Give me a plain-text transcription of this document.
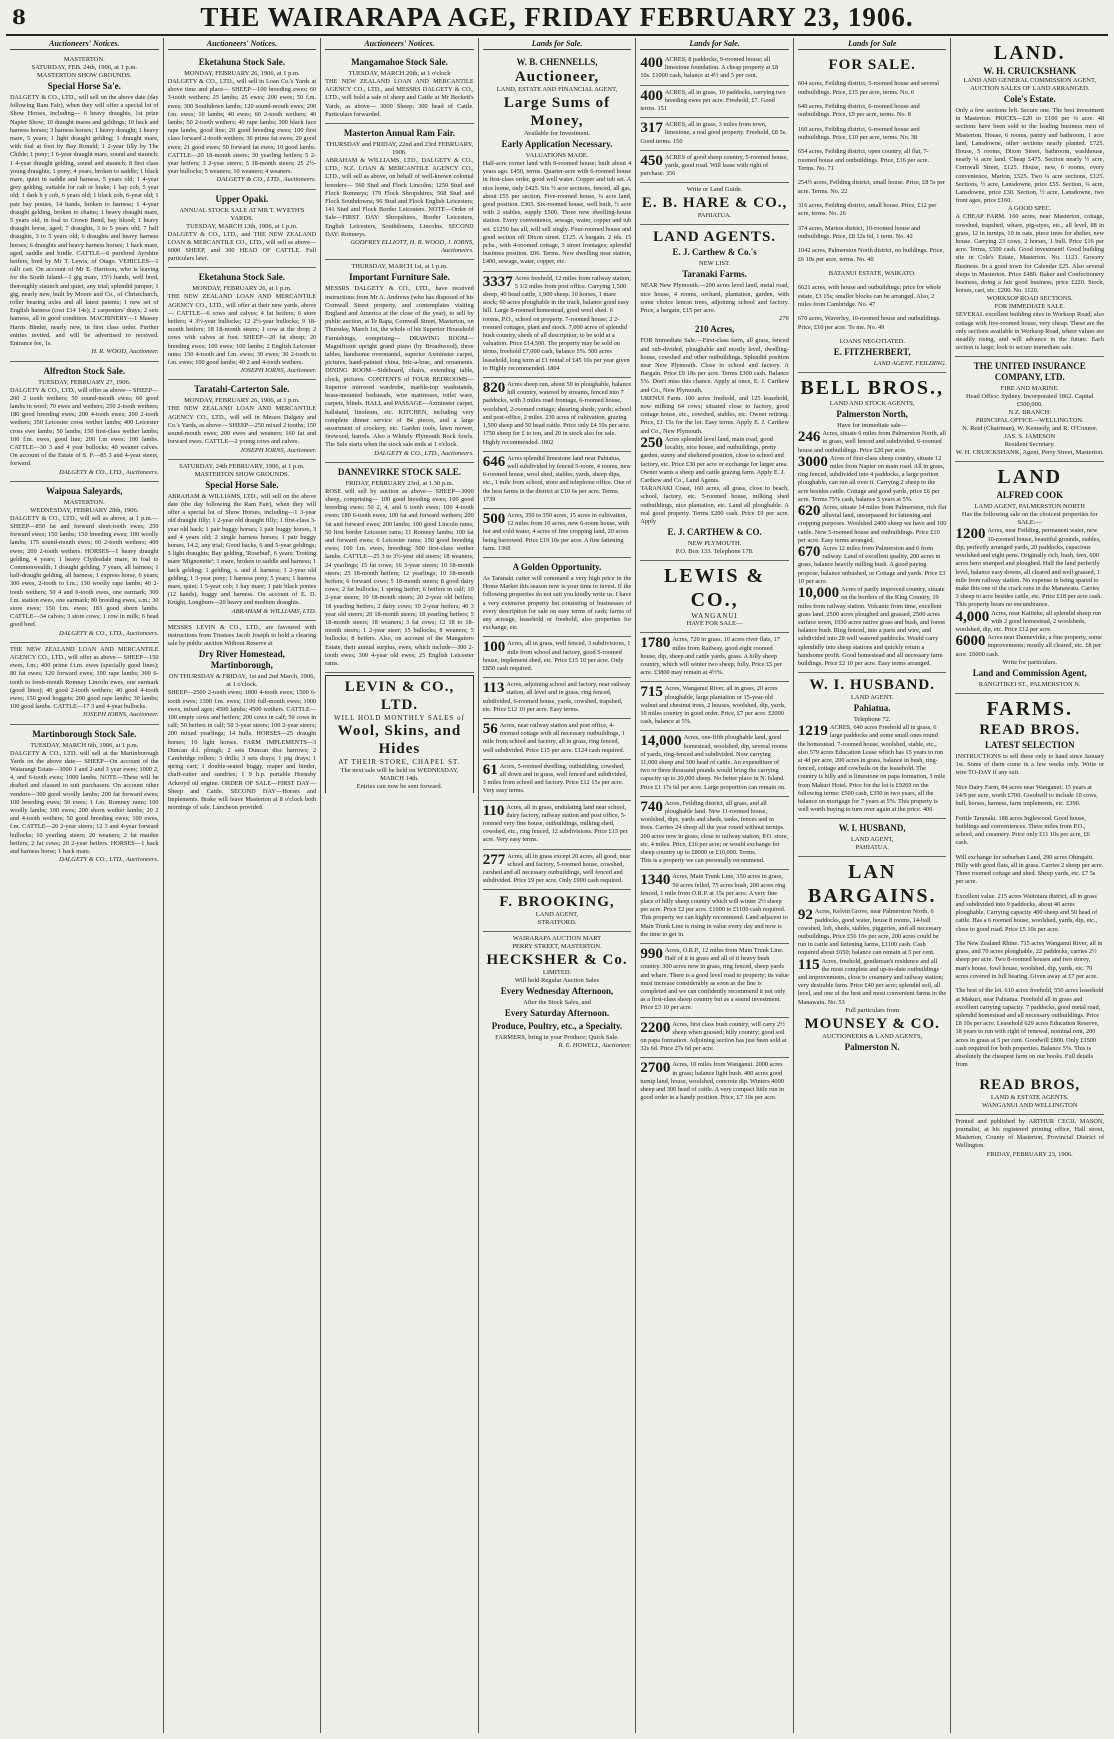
8	THE WAIRARAPA AGE, FRIDAY FEBRUARY 23, 1906.
Auctioneers' Notices.
MASTERTON.
SATURDAY, FEB. 24th, 1906, at 1 p.m.
MASTERTON SHOW GROUNDS.
Special Horse Sa'e.
DALGETY & CO., LTD., will sell on the above date (day following Ram Fair), when they will offer a special lot of Show Horses, including— 6 heavy draughts, 1st prize Napier Show; 10 draught mares and geldings; 10 hack and harness horses; 3 harness horses; 1 heavy draught; 1 heavy mare, 5 years; 1 light draught gelding; 1 draught mare, with foal at foot by Bay Ronald; 1 2-year filly by The Childe; 1 pony; 1 6-year draught mare, sound and staunch; 1 4-year draught gelding, sound and staunch; 8 first class young draughts; 1 pony; 4 years, broken to saddle; 1 black mare, quiet in saddle and harness, 5 years old; 1 4-year grey gelding, suitable for cab or brake; 1 bay cob, 5 year old; 1 dark b y cob, 6 years old; 1 black cob, 6-year old; 1 pair bay ponies, 14 hands, broken to harness; 1 4-year draught gelding, broken to chains; 1 heavy draught mare, 5 years old, in foal to Crown Bend, bay blood; 1 heavy draught horse, aged; 7 draughts, 3 to 5 years old; 7 half draughts, 3 to 5 years old; 6 draughts and heavy harness horses; 6 draughts and heavy harness horses; 1 hack mare, aged, saddle and bridle. CATTLE—6 purebred Ayrshire heifers, bred by Mr T. Lewis, of Otago. VEHICLES—1 ralli cart. On account of Mr E. Harrison, who is leaving for the South Island—1 gig mare, 15½ hands, well bred, thoroughly staunch and quiet, any trial; splendid jumper; 1 gig, nearly new, built by Moore and Co., of Christchurch, roller bearing axles and all latest patents; 1 new set of English harness (cost £14 14s); 2 carpenters' drays; 2 sets harness, all in good condition. MACHINERY—1 Massey Harris Binder, nearly new, in first class order. Further entries invited, and will be advertised to received. Entrance fee, 1s.
H. R. WOOD, Auctioneer.
Alfredton Stock Sale.
TUESDAY, FEBRUARY 27, 1906.
DALGETY & CO., LTD., will offer as above— SHEEP—200 2 tooth wethers; 50 sound-mouth ewes; 60 good lambs in wool; 70 ewes and wethers; 250 2-tooth wethers; 180 good breeding ewes; 200 4-tooth ewes; 200 2-tooth wethers; 350 Leicester cross wether lambs; 400 Leicester cross ewe lambs; 50 lambs; 150 first-class wether lambs; 100 f.m. ewes, good line; 200 f.m ewes; 100 lambs. CATTLE—30 3 and 4 year bullocks; 40 weaner calves. On account of the Estate of S. P.—85 3 and 4-year steers, forward.
DALGETY & CO., LTD., Auctioneers.
Waipoua Saleyards,
MASTERTON.
WEDNESDAY, FEBRUARY 28th, 1906.
DALGETY & CO., LTD., will sell as above, at 1 p.m.— SHEEP—850 fat and forward short-tooth ewes; 250 forward ewes; 150 lambs; 150 breeding ewes; 100 woolly lambs; 175 sound-mouth ewes; 60 2-tooth wethers; 400 ewes; 200 2-tooth wethers. HORSES—1 heavy draught gelding, 4 years; 1 heavy Clydesdale mare, in foal to Commonwealth; 1 draught gelding, 7 years, all harness; 1 half-draught gelding, all harness; 1 express horse, 6 years; 300 ewes, 2-tooth to f.m.; 130 woolly rape lambs; 40 2-tooth wethers; 50 4 and 6-tooth ewes, one earmark; 300 f.m. station ewes, one earmark; 80 breeding ewes, s.m.; 30 store ewes; 150 f.m. ewes; 183 good shorn lambs. CATTLE—34 calves; 3 store cows; 1 cow in milk; 6 head good beef.
DALGETY & CO., LTD., Auctioneers.
THE NEW ZEALAND LOAN AND MERCANTILE AGENCY CO., LTD., will offer as above— SHEEP—150 ewes, f.m.; 400 prime f.t.m. ewes (specially good lines); 80 fat ewes; 120 forward ewes; 100 rape lambs; 300 6-tooth to fresh-mouth Romney Lincoln ewes, one earmark (good lines); 40 good 2-tooth wethers; 40 good 4-tooth ewes; 150 good hoggets; 200 good rape lambs; 30 lambs; 100 good lambs. CATTLE—17 3 and 4-year bullocks.
JOSEPH IORNS, Auctioneer.
Martinborough Stock Sale.
TUESDAY, MARCH 6th, 1906, at 1 p.m.
DALGETY & CO., LTD. will sell at the Martinborough Yards on the above date— SHEEP—On account of the Waiarangi Estate—3000 1 and 2-and 3 year ewes; 1000 2, 4, and 6-tooth ewes; 1000 lambs. NOTE—These will be drafted and classed to suit purchasers. On account other vendors—300 good woolly lambs; 200 fat forward ewes; 100 breeding ewes; 50 ewes; 1 f.m. Romney rams; 100 woolly lambs; 100 ewes; 200 shorn wether lambs; 20 2 and 4-tooth wethers; 50 good breeding ewes; 100 ewes, f.m. CATTLE—20 2-year steers; 12 3 and 4-year forward bullocks; 10 yearling steers; 20 weaners; 2 fat maiden heifers; 2 fat cows; 20 2-year heifers. HORSES—1 hack and harness horse; 1 hack mare.
DALGETY & CO., LTD., Auctioneers.
Auctioneers' Notices.
Eketahuna Stock Sale.
MONDAY, FEBRUARY 26, 1906, at 1 p.m.
DALGETY & CO., LTD., will sell in Loan Co.'s Yards at above time and place— SHEEP—100 breeding ewes; 60 3-tooth wethers; 25 lambs; 25 ewes; 200 ewes; 50 f.m. ewes; 300 Southdown lambs; 120 sound-mouth ewes; 200 f.m. ewes; 10 lambs; 40 ewes; 60 2-tooth wethers; 40 lambs; 50 2-tooth wethers; 40 rape lambs; 300 black face rape lambs, good line; 20 good breeding ewes; 100 first class forward 2-tooth wethers; 30 prime fat ewes; 20 good ewes; 21 good ewes; 50 forward fat ewes; 10 good lambs. CATTLE—20 18-month steers; 30 yearling heifers; 5 2-year heifers; 3 2-year steers; 5 18-month steers; 25 2½-year bullocks; 5 weaners; 10 weaners; 4 weaners.
DALGETY & CO., LTD., Auctioneers.
Upper Opaki.
ANNUAL STOCK SALE AT MR T. WYETH'S YARDS.
TUESDAY, MARCH 13th, 1906, at 1 p.m.
DALGETY & CO., LTD., and THE NEW ZEALAND LOAN & MERCANTILE CO., LTD., will sell as above— 6000 SHEEP, and 300 HEAD OF CATTLE. Full particulars later.
Eketahuna Stock Sale.
MONDAY, FEBRUARY 26, at 1 p.m.
THE NEW ZEALAND LOAN AND MERCANTILE AGENCY CO., LTD., will offer at their new yards, above— CATTLE—6 cows and calves; 4 fat heifers; 6 store heifers; 4 3½-year bullocks; 12 2½-year bullocks; 9 18-month heifers; 18 18-month steers; 1 cow at the drop; 2 cows with calves at foot. SHEEP—20 fat sheep; 20 breeding ewes; 100 ewes; 100 lambs; 2 English Leicester rams; 150 4-tooth and f.m. ewes; 30 ewes; 30 2-tooth to f.m. ewes; 100 good lambs; 40 2 and 4-tooth wethers.
JOSEPH IORNS, Auctioneer.
Taratahi-Carterton Sale.
MONDAY, FEBRUARY 26, 1906, at 1 p.m.
THE NEW ZEALAND LOAN AND MERCANTILE AGENCY CO., LTD., will sell in Messrs Dalgety and Co.'s Yards, as above— SHEEP—250 mixed 2 tooths; 150 sound-mouth ewes; 200 ewes and weaners; 160 fat and forward ewes. CATTLE—2 young cows and calves.
JOSEPH IORNS, Auctioneer.
SATURDAY, 24th FEBRUARY, 1906, at 1 p.m.
MASTERTON SHOW GROUNDS.
Special Horse Sale.
ABRAHAM & WILLIAMS, LTD., will sell on the above date (the day following the Ram Fair), when they will offer a special lot of Show Horses, including—1 3-year old draught filly; 1 2-year old draught filly; 1 first-class 3-year old hack; 1 pair buggy horses; 1 pair buggy horses, 3 and 4 years old; 2 single harness horses; 1 pair buggy horses, 14.2, any trial; Good hacks, 6 and 5-year geldings; 5 light draughts; Bay gelding, 'Rosebud', 6 years; Trotting mare 'Mignonette'; 1 mare, broken to saddle and harness; 1 hack gelding; 1 gelding, s. and d. harness; 1 2-year old gelding; 1 3-year pony; 1 harness pony, 5 years; 1 harness mare, quiet; 1 5-year cob; 1 bay mare; 1 pair black ponies (12 hands), buggy and harness. On account of E. D. Knight, Longburn—20 heavy and medium draughts.
ABRAHAM & WILLIAMS, LTD.
MESSRS LEVIN & CO., LTD., are favoured with instructions from Trustees Jacob Joseph to hold a clearing sale by public auction Without Reserve at
Dry River Homestead, Martinborough,
ON THURSDAY & FRIDAY, 1st and 2nd March, 1906, at 1 o'clock.
SHEEP—2500 2-tooth ewes; 1800 4-tooth ewes; 1500 6-tooth ewes; 1300 f.m. ewes; 1100 full-mouth ewes; 1000 ewes, mixed ages; 4500 lambs; 4500 wethers. CATTLE—100 empty cows and heifers; 200 cows in calf; 50 cows in calf; 50 heifers in calf; 50 3-year steers; 100 2-year steers; 200 mixed yearlings; 14 bulls. HORSES—25 draught horses; 10 light horses. FARM IMPLEMENTS—3 Duncan d.f. plough; 2 sets Duncan disc harrows; 2 Cambridge rollers; 3 drills; 3 sets drays; 1 pig drays; 1 spring cart; 1 double-seated buggy, reaper and binder, chaff-cutter and sundries; 1 9 h.p. portable Hornsby Ackroyd oil engine. ORDER OF SALE—FIRST DAY—Sheep and Cattle. SECOND DAY—Horses and Implements. Brake will leave Masterton at 8 o'clock both mornings of sale. Luncheon provided.
Auctioneers' Notices.
Mangamahoe Stock Sale.
TUESDAY, MARCH 20th, at 1 o'clock
THE NEW ZEALAND LOAN AND MERCANTILE AGENCY CO., LTD., and MESSRS DALGETY & CO., LTD., will hold a sale of sheep and Cattle at Mr Beckett's Yards, as above— 3000 Sheep; 300 head of Cattle. Particulars forwarded.
Masterton Annual Ram Fair.
THURSDAY and FRIDAY, 22nd and 23rd FEBRUARY, 1906.
ABRAHAM & WILLIAMS, LTD., DALGETY & CO., LTD., N.Z. LOAN & MERCANTILE AGENCY CO., LTD., will sell as above, on behalf of well-known colonial breeders— 560 Stud and Flock Lincolns; 1250 Stud and Flock Romneys; 179 Flock Shropshires; 568 Stud and Flock Southdowns; 96 Stud and Flock English Leicesters; 141 Stud and Flock Border Leicesters. NOTE—Order of Sale—FIRST DAY: Shropshires, Border Leicesters, English Leicesters, Southdowns, Lincolns. SECOND DAY: Romneys.
GODFREY ELLIOTT, H. R. WOOD, J. IORNS, Auctioneers.
THURSDAY, MARCH 1st, at 1 p.m.
Important Furniture Sale.
MESSRS DALGETY & CO., LTD., have received instructions from Mr A. Andrews (who has disposed of his Cornwall Street property, and contemplates visiting England and America at the close of the year), to sell by public auction, at Te Rapa, Cornwall Street, Masterton, on Thursday, March 1st, the whole of his Superior Household Furnishings, comprising— DRAWING ROOM—Magnificent upright grand piano (by Broadwood), three tables, handsome overmantel, superior Axminster carpet, pictures, hand-painted china, bric-a-brac, and ornaments. DINING ROOM—Sideboard, chairs, extending table, clock, pictures. CONTENTS of FOUR BEDROOMS—Superior mirrored wardrobe, marble-top washstands, brass-mounted bedsteads, wire mattresses, toilet ware, carpets, blinds. HALL and PASSAGE—Axminster carpet, hallstand, linoleum, etc. KITCHEN, including very complete dinner service of 84 pieces, and a large assortment of crockery, etc. Garden tools, lawn mower, firewood, barrels. Also a Whitely Plymouth Rock fowls. The Sale starts when the stock sale ends at 1 o'clock.
DALGETY & CO., LTD., Auctioneers.
DANNEVIRKE STOCK SALE.
FRIDAY, FEBRUARY 23rd, at 1.30 p.m.
ROSE will sell by auction as above— SHEEP—3000 sheep, comprising— 100 good breeding ewes; 100 good breeding ewes; 50 2, 4, and 6 tooth ewes; 100 4-tooth ewes; 180 6-tooth ewes; 100 fat and forward wethers; 200 fat and forward ewes; 200 lambs; 100 good Lincoln rams; 50 first border Leicester rams; 11 Romney lambs; 100 fat and forward ewes; 6 Leicester rams; 150 good breeding ewes; 100 f.m. ewes, breeding; 500 first-class wether lambs. CATTLE—25 3 to 3½-year old steers; 18 weaners; 24 yearlings; 15 fat cows; 16 3-year steers; 10 18-month steers; 25 18-month heifers; 12 yearlings; 10 18-month heifers; 6 forward cows; 5 18-month steers; 8 good dairy cows; 2 fat bullocks; 1 spring heifer; 6 heifers in calf; 10 2-year steers; 10 18-month steers; 20 2-year old heifers; 18 yearling heifers; 2 dairy cows; 10 2-year heifers; 40 3 year old steers; 20 18-month steers; 18 yearling heifers; 5 18-month steers; 18 weaners; 3 fat cows; 12 18 to 18-month steers; 1 2-year steer; 15 bullocks; 8 weaners; 5 bullocks; 8 heifers. Also, on account of the Mangatoro Estate, their annual surplus, ewes, which include—300 2-tooth ewes; 300 4-year old ewes; 25 English Leicester rams.
LEVIN & CO., LTD.
WILL HOLD MONTHLY SALES of
Wool, Skins, and Hides
AT THEIR STORE, CHAPEL ST.
The next sale will be held on WEDNESDAY, MARCH 14th.
Entries can now be sent forward.
Lands for Sale.
W. B. CHENNELLS,
Auctioneer,
LAND, ESTATE AND FINANCIAL AGENT,
Large Sums of Money,
Available for Investment.
Early Application Necessary.
VALUATIONS MADE.
Half-acre corner land with 6-roomed house; built about 4 years ago. £450, terms. Quarter-acre with 6-roomed house in first-class order, good well water. Copper and tub set. A nice home, only £425. Six ½ acre sections, fenced, all gas, about £55 per section. Five-roomed house, ¼ acre land, good position. £365. Six-roomed house, well built, ½ acre with 2 stables, supply £500. Three new dwelling-house station. Every convenience, sewage, water, copper and tub set. £1250 has all, will sell singly. Four-roomed house and good section off Dixon street. £125. A bargain. 2 rds. 15 pchs., with 4-roomed cottage, 3 street frontages; splendid business position. £06. Terms. New dwelling near station, £400, sewage, water, copper, etc.
3337 Acres freehold, 12 miles from railway station, 5 1/2 miles from post office. Carrying 1,500 sheep, 40 head cattle, 1,900 sheep. 10 horses, 1 mare stock; 60 acres ploughable in the track, balance good easy hill. Large 8-roomed homestead, good wool shed. 6 rooms, P.O., school on property. 7-roomed house; 2 2-roomed cottages, plant and stock. 7,000 acres of splendid bush country, sheds of all description; to be sold at a valuation. Price £14,500. The property may be sold on terms, freehold £7,000 cash, balance 5%. 500 acres leasehold, long term at £1 rental of £45 10s per year given to Highly recommended. 1804
820 Acres sheep run, about 50 in ploughable, balance hill country, watered by streams, fenced into 7 paddocks, with 3 miles road frontage, 6-roomed house, woolshed, 2-roomed cottage; shearing sheds; yards; school and post-office, 2 miles. 230 acres of cultivation, grazing 1,500 sheep and 50 head cattle. Price only £4 10s per acre. 1750 sheep for £ to ton, and 20 in stock also for sale. Highly recommended. 1802
646 Acres splendid limestone land near Pahiatua, well subdivided by fenced 5-room, 4 rooms, new 6-roomed house, wool shed, stables, yards, sheep dips, etc., 1 mile from school, store and telephone office. One of the best farms in the district at £10 6s per acre. Terms. 1739
500 Acres, 350 to 350 acres, 15 acres in cultivation, 12 miles from 10 acres, new 6-room house, with hot and cold water, 4 acres of fine cropping land, 20 acres being harrowed. Price £19 10s per acre. A fine fattening farm. 1368
A Golden Opportunity.
As Taranaki cutter will command a very high price in the Home Market this season now is your time to invest. If the following properties do not suit you kindly write us. I have a very extensive property list consisting of businesses of every description for sale on easy terms of cash; farms of any acreage, leasehold or freehold, also properties for exchange, etc.
100 Acres, all in grass, well fenced, 3 subdivisions, 1 mile from school and factory, good 5-roomed house, implement shed, etc. Price £15 10 per acre. Only £850 cash required.
113 Acres, adjoining school and factory, near railway station, all level and in grass, ring fenced, subdivided, 6-roomed house, yards, cowshed, trapshed, etc. Price £12 10 per acre. Easy terms.
56 Acres, near railway station and post office, 4-roomed cottage with all necessary outbuildings, 1 mile from school and factory, all in grass, ring fenced, well subdivided. Price £15 per acre. £124 cash required.
61 Acres, 5-roomed dwelling, outbuilding, cowshed, all down and in grass, well fenced and subdivided, 3 miles from school and factory. Price £12 15s per acre. Very easy terms.
110 Acres, all in grass, undulating land near school, dairy factory, railway station and post office, 5-roomed very fine house, outbuildings, milking shed, cowshed, etc., ring fenced, 12 subdivisions. Price £15 per acre. Very easy terms.
277 Acres, all in grass except 20 acres, all good, near school and factory, 5-roomed house, cowshed, carshed and all necessary outbuildings, well fenced and subdivided. Price £9 per acre. Only £900 cash required.
F. BROOKING,
LAND AGENT,
STRATFORD.
WAIRARAPA AUCTION MART
PERRY STREET, MASTERTON.
HECKSHER & Co.
LIMITED.
Will hold Regular Auction Sales
Every Wednesday Afternoon,
After the Stock Sales, and
Every Saturday Afternoon.
Produce, Poultry, etc., a Specialty.
FARMERS, bring in your Produce; Quick Sale.
R. E. HOWELL, Auctioneer.
Lands for Sale.
400 ACRES, 8 paddocks, 9-roomed house; all limestone foundation. A cheap property at £8 10s. £1000 cash, balance at 4½ and 5 per cent.
400 ACRES, all in grass, 10 paddocks, carrying two breeding ewes per acre. Freehold, £7. Good terms. 151
317 ACRES, all in grass, 3 miles from town, limestone, a real good property. Freehold, £8 5s. Good terms. 150
450 ACRES of good sheep country, 5-roomed house, yards, good road. Will lease with right of purchase. 356
Write or Land Guide.
E. B. HARE & CO.,
PAHIATUA.
LAND AGENTS.
E. J. Carthew & Co.'s
NEW LIST.
Taranaki Farms.
NEAR New Plymouth.—200 acres level land, metal road, nice house, 4 rooms, orchard, plantation, garden, with some choice lemon trees, adjoining school and factory. Price, a bargain, £15 per acre.
276
210 Acres,
FOR Immediate Sale.—First-class farm, all grass, fenced and sub-divided, ploughable and mostly level, dwelling-house, cowshed and other outbuildings. Splendid position near New Plymouth. Close to school and factory. A Bargain. Price £9 18s per acre. Terms £300 cash. Balance 5%. Don't miss this chance. Apply at once, E. J. Carthew and Co., New Plymouth.
URENUI Farm. 100 acres freehold, and 125 leasehold, now milking 64 cows; situated close to factory, good cottage house, etc., cowshed, stables, etc. Owner retiring. Price, £1 15s for the lot. Easy terms. Apply E. J. Carthew and Co., New Plymouth.
250 Acres splendid level land, main road, good locality, nice house, and outbuildings, pretty garden, sunny and sheltered position, close to school and factory, etc. Price £30 per acre or exchange for larger area. Owner wants a sheep and cattle grazing farm. Apply E. J. Carthew and Co., Land Agents.
TARANAKI Coast, 160 acres, all grass, close to beach, school, factory, etc. 5-roomed house, milking shed outbuildings, nice plantation, etc. Land all ploughable. A real good property. Terms £200 cash. Price £9 per acre. Apply
E. J. CARTHEW & CO.
NEW PLYMOUTH.
P.O. Box 133. Telephone 178.
LEWIS & CO.,
WANGANUI
HAVE FOR SALE—
1780 Acres, 720 in grass. 10 acres river flats, 17 miles from Railway, good eight roomed house, dip, sheep and cattle yards, grass. A hilly sheep country, which will winter two sheep; fully. Price £5 per acre. £3800 may remain at 4½%.
715 Acres, Wanganui River, all in grass, 20 acres ploughable, large plantation or 15-year-old walnut and chestnut trees, 2 houses, woolshed, dip, yards, 10 miles country in good order. Price, £7 per acre. £2000 cash, balance at 5%.
14,000 Acres, one-fifth ploughable land, good homestead, woolshed, dip, several rooms of yards, ring-fenced and subdivided. Now carrying 11,000 sheep and 300 head of cattle. An expenditure of two or three thousand pounds would bring the carrying capacity up to 20,000 sheep. No better place in N. Island. Price £1 17s 6d per acre. Large proportion can remain on.
740 Acres, Feilding district, all grass, and all ploughable land. New 11-roomed house, woolshed, dips, yards and sheds, tanks, fences and in trees. Carries 24 sheep all the year round without turnips. 200 acres now in grass, close to railway station, P.O. store, etc. 4 miles. Price, £16 per acre; or would exchange for sheep country up to £8000 or £10,000. Terms.
This is a property we can personally recommend.
1340 Acres, Main Trunk Line, 350 acres in grass, 50 acres felled, 75 acres bush, 200 acres ring fenced, 1 mile from O.R.P. at 15s per acre. A very fine place of hilly sheep country which will winter 2½ sheep per acre. Price £2 per acre. £1000 to £1100 cash required. This property we can highly recommend. Land adjacent to Main Trunk Line is rising in value every day and now is the time to get in.
990 Acres, O.R.P., 12 miles from Main Trunk Line. Half of it in grass and all of it heavy bush country. 300 acres now in grass, ring fenced, sheep yards and whare. There is a good level road to property; its value must increase considerably as soon as the line is completed and we can confidently recommend it not only as a first-class sheep country but as a sound investment. Price £3 10 per acre.
2200 Acres, first class bush country, will carry 2½ sheep when grassed; hilly country; good soil on papa formation. Adjoining section has just been sold at 32s 6d. Price 27s 6d per acre.
2700 Acres, 10 miles from Wanganui. 2000 acres in grass; balance light bush. 400 acres good turnip land, house, woolshed, concrete dip. Winters 4000 sheep and 300 head of cattle. A very compact little run in good order in a handy position. Price, £7 10s per acre.
Lands for Sale
FOR SALE.

604 acres, Feilding district, 5-roomed house and several outbuildings. Price, £15 per acre, terms. No. 6

640 acres, Feilding district, 6-roomed house and outbuildings. Price, £9 per acre, terms. No. 8

160 acres, Feilding district, 6-roomed house and outbuildings. Price, £10 per acre, terms. No. 38

654 acres, Feilding district, open country, all flat, 7-roomed house and outbuildings. Price, £16 per acre. Terms. No. 71

254½ acres, Feilding district, small house. Price, £8 5s per acre. Terms. No. 22

316 acres, Feilding district, small house. Price, £12 per acre, terms. No. 26

374 acres, Marton district, 10-roomed house and outbuildings. Price, £8 12s 6d, 1 term. No. 42

1042 acres, Palmerston North district, no buildings. Price, £6 10s per acre, terms. No. 40

BATANUI ESTATE, WAIKATO.

6621 acres, with house and outbuildings; price for whole estate, £3 15s; smaller blocks can be arranged. Also, 2 miles from Cambridge. No. 47

670 acres, Waverley, 10-roomed house and outbuildings. Price, £10 per acre. To me. No. 49

LOANS NEGOTIATED.
E. FITZHERBERT,
LAND AGENT. FEILDING.
BELL BROS.,
LAND AND STOCK AGENTS,
Palmerston North,
Have for immediate sale—
246 Acres, situate 6 miles from Palmerston North, all in grass, well fenced and subdivided. 6-roomed house and outbuildings. Price £20 per acre.
3000 Acres of first-class sheep country, situate 12 miles from Napier on main road. All in grass, ring fenced, subdivided into 4 paddocks, a large portion ploughable, can run all over it. Carrying 2 sheep to the acre besides cattle. Cottage and good yards, price £6 per acre. Terms 75% cash, balance 5 years at 5%.
620 Acres, situate 14 miles from Palmerston, rich flat alluvial land, unsurpassed for fattening and cropping purposes. Woolshed 2400 sheep we have and 100 cattle. New 5-roomed house and outbuildings. Price £10 per acre. Easy terms arranged.
670 Acres 12 miles from Palmerston and 6 from railway. Land of excellent quality, 200 acres in grass, balance heavily milling bush. A good paying propose, balance unbushed, or Cottage and yards. Price £3 10 per acre.
10,000 Acres of partly improved country, situate on the borders of the King Country, 19 miles from railway station. Volcanic from time, excellent grass land. 2500 acres ploughed and grassed, 2500 acres surface sown, 1030 acres native grass and bush, and forest balance bush. Ring fenced, into a parts and wire, and subdivided into 28 well watered paddocks. Would carry splendidly into sheep stations and quickly return a handsome profit. Good homestead and all necessary farm buildings. Price £2 10 per acre. Easy terms arranged.
W. I. HUSBAND.
LAND AGENT.
Pahiatua.
Telephone 72.
1219 ACRES, 640 acres Freehold all in grass, 6 large paddocks and some small ones round the homestead. 7-roomed house, woolshed, stable, etc., also 579 acres Education Lease which has 15 years to run at 4d per acre, 200 acres in grass, balance in bush, ring-fenced, cottage and cowbails on the leasehold. The country is hilly and is limestone on papa formation, 3 mile from Makuri Hotel. Price for the lot is £9269 on the following terms: £500 cash, £350 in two years, all the balance on mortgage for 7 years at 5%. This property is well worth buying to turn over again at the price. 400
W. I. HUSBAND,
LAND AGENT,
PAHIATUA.
LAN BARGAINS.
92 Acres, Kelvin Grove, near Palmerston North, 6 paddocks, good water, house 8 rooms, 14-ball cowshed, loft, sheds, stables, piggeries, and all necessary outbuildings. Price £56 10s per acre, 200 acres could be run in cattle and fattening farms, £1100 cash. Cash required about £650; balance can remain at 5 per cent.
115 Acres, freehold, gentleman's residence and all the most complete and up-to-date outbuildings and improvements, close to creamery and railway station; very desirable farm. Price £40 per acre; splendid soil, all level, and one of the best and most convenient farms in the Manawatu. No. 53
Full particulars from
MOUNSEY & CO.
AUCTIONEERS & LAND AGENTS,
Palmerston N.
LAND.
W. H. CRUICKSHANK
LAND AND GENERAL COMMISSION AGENT, AUCTION SALES OF LAND ARRANGED.
Cole's Estate.
Only a few sections left. Secure one. The best investment in Masterton. PRICES—£20 to £100 per ¼ acre. 48 sections have been sold to the leading business men of Masterton. House, 6 rooms, pantry and bathroom, 1 acre land, Lansdowne, other sections nearly planted. £725. House, 5 rooms, Dixon Street, bathroom, washhouse, nearly ¼ acre land. Cheap £475. Section nearly ½ acre, Cornwall Street, £125. House, new, 6 rooms, every convenience, Marion, £525. Two ¼ acre sections, £125. Sections, ½ acre, Lansdowne, price £55. Section, ¼ acre, Lansdowne, price £30. Section, ½ acre, Lansdowne, two front ages, price £160.
A GOOD SPEC.
A CHEAP FARM. 160 acres, near Masterton, cottage, cowshed, trapshed, whare, pig-styes, etc., all level, 88 in grass, 12 in turnips, 10 in oats, piece trees for shelter, new house. Carrying 23 cows, 2 horses, 1 bull. Price £16 per acre. Terms, £500 cash. Good investment! Good building site in Cole's Estate, Masterton. No. 1123. Grocery Business. In a good town for Calendar £25. Also several shops in Masterton. Price £480. Baker and Confectionery business, doing a fair good business, price £220. Stock, horses, cart, etc. £200. No. 1120.
WORKSOP ROAD SECTIONS.
FOR IMMEDIATE SALE.
SEVERAL excellent building sites in Worksop Road; also cottage with five-roomed house, very cheap. These are the only sections available in Worksop Road, where values are steadily rising, and will advance in the future. Each section is large; look to secure immediate sale.
THE UNITED INSURANCE COMPANY, LTD.
FIRE AND MARINE.
Head Office: Sydney. Incorporated 1862. Capital £500,000.
N.Z. BRANCH:
PRINCIPAL OFFICE—WELLINGTON.
N. Reid (Chairman), W. Kennedy, and R. O'Connor.
JAS. S. JAMESON
Resident Secretary.
W. H. CRUICKSHANK, Agent, Perry Street, Masterton.
LAND
ALFRED COOK
LAND AGENT, PALMERSTON NORTH
Has the following sale on the choicest properties for SALE:—
1200 Acres, near Feilding, permanent water, new 10-roomed house, beautiful grounds, stables, dip, perfectly arranged yards, 20 paddocks, capacious woolshed and eight pens. Originally rich, bush, fern, 600 acres hero stumped and ploughed. Half the land perfectly level, balance easy downs, all cleared and well grassed, 1 mile from railway station. No expense in being spared to make this one of the crack runs in the Manawatu. Carries 3 sheep to acre besides cattle, etc. Price £18 per acre cash. This property bears no encumbrance.
4,000 Acres, near Kaitieke, all splendid sheep run with 2 good homestead, 2 woolsheds, woolshed, dip, etc. Price £12 per acre.
6000 Acres near Dannevirke, a fine property, some improvements; mostly all cleared, etc. £8 per acre. £6000 cash.
Write for particulars.
Land and Commission Agent,
RANGITIKEI ST., PALMERSTON N.
FARMS.
READ BROS.
LATEST SELECTION
INSTRUCTIONS to sell these only to hand since January 1st. Some of them come in a few weeks only. Write or wire TO-DAY if any suit.

Nice Dairy Farm, 84 acres near Wanganui; 15 years at 14/9 per acre, worth £700. Goodwill to include 10 cows, bull, horses, harness, farm implements, etc. £390.

Fertile Taranaki. 188 acres Inglewood. Good house, buildings and conveniences. Three miles from P.O., school, and creamery. Price only £11 10s per acre, £6 cash.

Will exchange for suburban Land, 290 acres Ohingaiti. Hilly with good flats, all in grass. Carries 2 sheep per acre. Three roomed cottage and shed. Sheep yards, etc. £7 5s per acre.

Excellent value. 215 acres Waitotara district, all in grass and subdivided into 9 paddocks, about 40 acres ploughable. Carrying capacity 400 sheep and 50 head of cattle. Has a 6 roomed house, woolshed, yards, dip, etc., close to good road. Price £5 10s per acre.

The New Zealand Rhine. 715 acres Wanganui River, all in grass, and 70 acres ploughable, 22 paddocks, carries 2½ sheep per acre. Two 8-roomed houses and two storey, man's house, fowl house, woolshed, dip, yards, etc. 70 acres covered in full bearing. Given away at £7 per acre.

The best of the lot. 610 acres freehold, 550 acres leasehold at Makuri, near Pahiatua. Freehold all in grass and excellent carrying capacity. 7 paddocks, good metal road, splendid homestead and all necessary outbuildings. Price £8 10s per acre. Leasehold 629 acres Education Reserve, 18 years to run with right of renewal, nominal rent, 200 acres in grass at 5 per cent. Goodwill £800. Only £1500 cash required for both properties. Balance 5%. This is absolutely the cheapest farm on our books. Full details from

READ BROS,
LAND & ESTATE AGENTS.
WANGANUI AND WELLINGTON
Printed and published by ARTHUR CECIL MASON, journalist, at his registered printing office, Hall street, Masterton, County of Masterton, Provincial District of Wellington.
FRIDAY, FEBRUARY 23, 1906.
